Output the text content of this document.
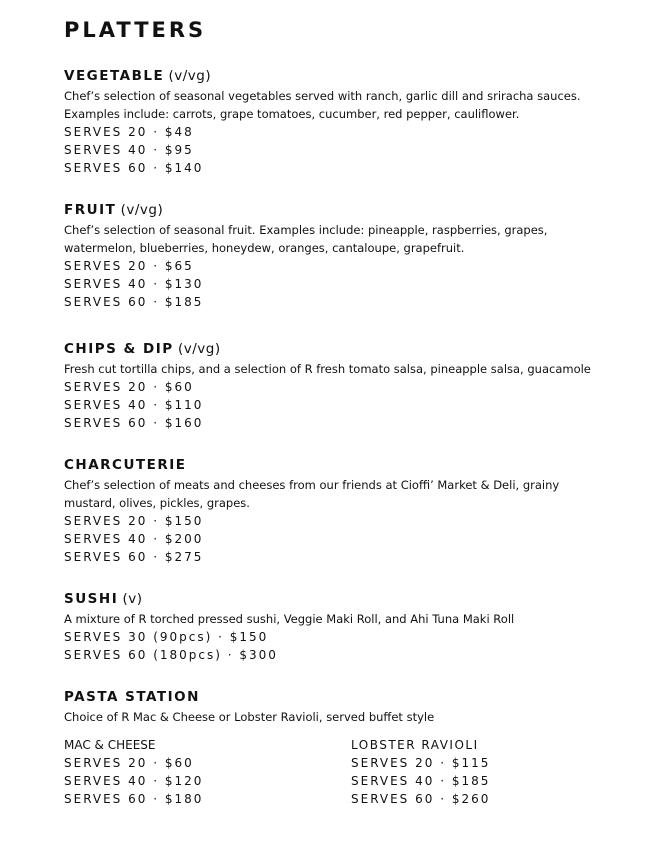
PLATTERS
VEGETABLE (v/vg)
Chef’s selection of seasonal vegetables served with ranch, garlic dill and sriracha sauces.
Examples include: carrots, grape tomatoes, cucumber, red pepper, cauliflower.
SERVES 20 · $48
SERVES 40 · $95
SERVES 60 · $140
FRUIT (v/vg)
Chef’s selection of seasonal fruit. Examples include: pineapple, raspberries, grapes,
watermelon, blueberries, honeydew, oranges, cantaloupe, grapefruit.
SERVES 20 · $65
SERVES 40 · $130
SERVES 60 · $185
CHIPS & DIP (v/vg)
Fresh cut tortilla chips, and a selection of R fresh tomato salsa, pineapple salsa, guacamole
SERVES 20 · $60
SERVES 40 · $110
SERVES 60 · $160
CHARCUTERIE
Chef’s selection of meats and cheeses from our friends at Cioffi’ Market & Deli, grainy
mustard, olives, pickles, grapes.
SERVES 20 · $150
SERVES 40 · $200
SERVES 60 · $275
SUSHI (v)
A mixture of R torched pressed sushi, Veggie Maki Roll, and Ahi Tuna Maki Roll
SERVES 30 (90pcs) · $150
SERVES 60 (180pcs) · $300
PASTA STATION
Choice of R Mac & Cheese or Lobster Ravioli, served buffet style
MAC & CHEESE
SERVES 20 · $60
SERVES 40 · $120
SERVES 60 · $180
LOBSTER RAVIOLI
SERVES 20 · $115
SERVES 40 · $185
SERVES 60 · $260
